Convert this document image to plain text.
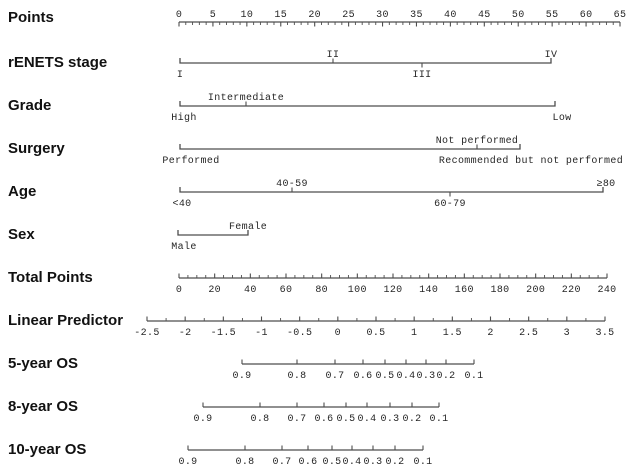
Points	0	5 10 15 20 25 30 35 40 45 50 55 60 65
rENETS stage
I
II
III
IV
Grade
High
Intermediate
Low
Surgery
Performed
Not performed
Recommended but not performed
Age
<40
40-59
60-79
≥80
Sex
Male
Female
Total Points
0	20 40 60 80 100 120 140 160 180 200 220 240
Linear Predictor
-2.5 -2 -1.5 -1 -0.5 0	0.5	1	1.5	2	2.5	3	3.5
5-year OS
0.9	0.8 0.7 0.6 0.5 0.4 0.3 0.2 0.1
8-year OS
0.9	0.8 0.7 0.6 0.5 0.4 0.3 0.2 0.1
10-year OS
0.9	0.8 0.7 0.6 0.5 0.4 0.3 0.2 0.1
